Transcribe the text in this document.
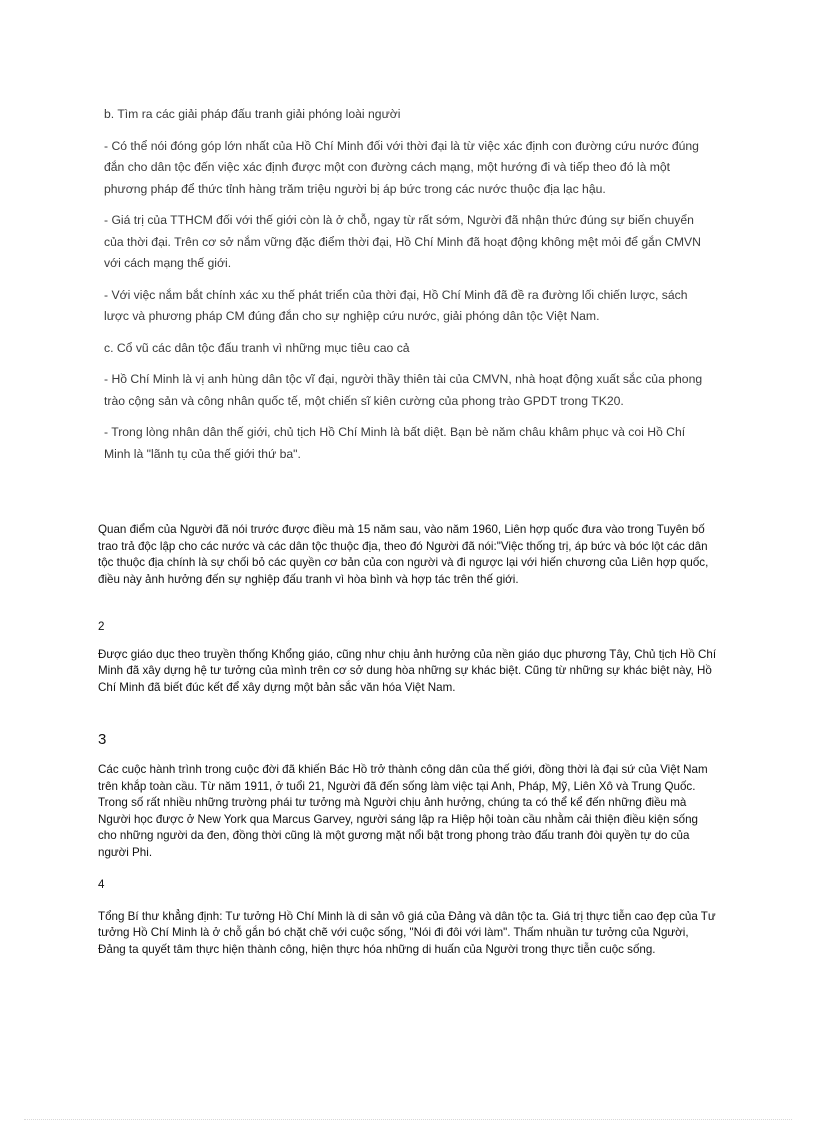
b. Tìm ra các giải pháp đấu tranh giải phóng loài người

- Có thể nói đóng góp lớn nhất của Hồ Chí Minh đối với thời đại là từ việc xác định con đường cứu nước đúng đắn cho dân tộc đến việc xác định được một con đường cách mạng, một hướng đi và tiếp theo đó là một phương pháp để thức tỉnh hàng trăm triệu người bị áp bức trong các nước thuộc địa lạc hậu.

- Giá trị của TTHCM đối với thế giới còn là ở chỗ, ngay từ rất sớm, Người đã nhận thức đúng sự biến chuyển của thời đại. Trên cơ sở nắm vững đặc điểm thời đại, Hồ Chí Minh đã hoạt động không mệt mỏi để gắn CMVN với cách mạng thế giới.

- Với việc nắm bắt chính xác xu thế phát triển của thời đại, Hồ Chí Minh đã đề ra đường lối chiến lược, sách lược và phương pháp CM đúng đắn cho sự nghiệp cứu nước, giải phóng dân tộc Việt Nam.

c. Cổ vũ các dân tộc đấu tranh vì những mục tiêu cao cả

- Hồ Chí Minh là vị anh hùng dân tộc vĩ đại, người thầy thiên tài của CMVN, nhà hoạt động xuất sắc của phong trào cộng sản và công nhân quốc tế, một chiến sĩ kiên cường của phong trào GPDT trong TK20.

- Trong lòng nhân dân thế giới, chủ tịch Hồ Chí Minh là bất diệt. Bạn bè năm châu khâm phục và coi Hồ Chí Minh là "lãnh tụ của thế giới thứ ba".

Quan điểm của Người đã nói trước được điều mà 15 năm sau, vào năm 1960, Liên hợp quốc đưa vào trong Tuyên bố trao trả độc lập cho các nước và các dân tộc thuộc địa, theo đó Người đã nói:"Việc thống trị, áp bức và bóc lột các dân tộc thuộc địa chính là sự chối bỏ các quyền cơ bản của con người và đi ngược lại với hiến chương của Liên hợp quốc, điều này ảnh hưởng đến sự nghiệp đấu tranh vì hòa bình và hợp tác trên thế giới.

2

Được giáo dục theo truyền thống Khổng giáo, cũng như chịu ảnh hưởng của nền giáo dục phương Tây, Chủ tịch Hồ Chí Minh đã xây dựng hệ tư tưởng của mình trên cơ sở dung hòa những sự khác biệt. Cũng từ những sự khác biệt này, Hồ Chí Minh đã biết đúc kết để xây dựng một bản sắc văn hóa Việt Nam.

3

Các cuộc hành trình trong cuộc đời đã khiến Bác Hồ trở thành công dân của thế giới, đồng thời là đại sứ của Việt Nam trên khắp toàn cầu. Từ năm 1911, ở tuổi 21, Người đã đến sống làm việc tại Anh, Pháp, Mỹ, Liên Xô và Trung Quốc. Trong số rất nhiều những trường phái tư tưởng mà Người chịu ảnh hưởng, chúng ta có thể kể đến những điều mà Người học được ở New York qua Marcus Garvey, người sáng lập ra Hiệp hội toàn cầu nhằm cải thiện điều kiện sống cho những người da đen, đồng thời cũng là một gương mặt nổi bật trong phong trào đấu tranh đòi quyền tự do của người Phi.

4

Tổng Bí thư khẳng định: Tư tưởng Hồ Chí Minh là di sản vô giá của Đảng và dân tộc ta. Giá trị thực tiễn cao đẹp của Tư tưởng Hồ Chí Minh là ở chỗ gắn bó chặt chẽ với cuộc sống, "Nói đi đôi với làm". Thấm nhuần tư tưởng của Người, Đảng ta quyết tâm thực hiện thành công, hiện thực hóa những di huấn của Người trong thực tiễn cuộc sống.
